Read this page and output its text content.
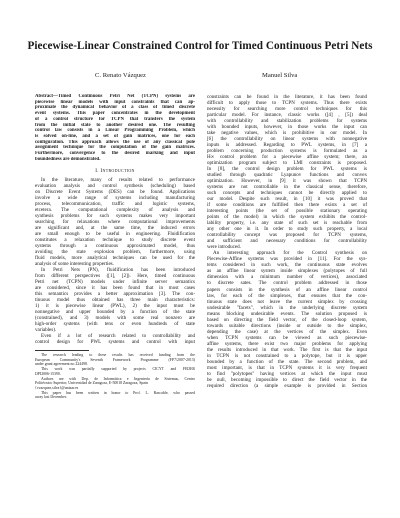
Piecewise-Linear Constrained Control for Timed Continuous Petri Nets
C. Renato Vázquez	Manuel Silva
Abstract—Timed Continuous Petri Net (TCPN) systems are
piecewise linear models with input constraints that can ap-
proximate the dynamical behavior of a class of timed discrete
event systems. This paper concentrates in the development
of a control structure for TCPN that transfers the system
from the initial state to another desired one. The resulting
control law consists in a Linear Programming Problem, which
is solved on-line, and a set of gain matrices, one for each
configuration. This approach allows the use of any classical pole
assignment technique for the computation of the gain matrices.
Furthermore, convergence to the desired marking and input
boundedness are demonstrated.
I. Introduction
In the literature, many of results related to performance
evaluation analysis and control synthesis (scheduling) based
on Discrete Event Systems (DES) can be found. Applications
involve a wide range of systems including manufacturing
process, telecommunication, traffic and logistic systems,
etcetera. The computational complexity of analysis and
synthesis problems for such systems makes very important
searching for relaxations where computational improvements
are significant and, at the same time, the induced errors
are small enough to be useful in engineering. Fluidification
constitutes a relaxation technique to study discrete event
systems through a continuous approximated model, thus
avoiding the state explosion problem, furthermore, using
fluid models, more analytical techniques can be used for the
analysis of some interesting properties.
In Petri Nets (PN), fluidification has been introduced
from different perspectives ([1], [2]). Here, timed continuous
Petri net (TCPN) models under infinite server semantics
are considered, since it has been found that in most cases
this semantics provides a better approximation [3]. The con-
tinuous model thus obtained has three main characteristics:
1) it is piecewise linear (PWL), 2) the input must be
nonnegative and upper bounded by a function of the state
(constrained), and 3) models with some real nonzero are
high-order systems (with tens or even hundreds of state
variables).
Even if a lot of research related to controllability and
control design for PWL systems and control with input
The research leading to these results has received funding from the
European Community's Seventh Framework Programme (FP7/2007-2013)
under grant agreement no 224498.
This work was partially supported by projects CICYT and FEDER
DPI2006-15390.
Authors are with Dep. de Informática e Ingeniería de Sistemas, Centro
Politécnico Superior, Universidad de Zaragoza, E-50018 Zaragoza, Spain
{cvazquez,silva}@unizar.es
This paper has been written in honor to Prof. L. Rascable, who passed
away last December.
constraints can be found in the literature, it has been found
difficult to apply those to TCPN systems. Thus there exists
necessity for searching more control techniques for this
particular model. For instance, classic works ([4] , [5]) deal
with controllability and stabilization problems for systems
with bounded inputs, however, in those works the input can
take negative values, which is prohibitive in our model. In
[6] the controllability on linear systems with nonnegative
inputs is addressed. Regarding to PWL systems, in [7] a
problem concerning production systems is formulated as a
H∞ control problem for a piecewise affine system; there, an
optimization program subject to LMI constraints is proposed.
In [8], the control design problem for PWL systems is
studied through quadratic Lyapunov functions and convex
optimization. However, in [9] it was shown that TCPN
systems are not controllable in the classical sense, therefore,
such concepts and techniques cannot be directly applied to
our model. Despite such result, in [10] it was proved that
if some conditions are fulfilled then there exists a set of
interesting points (the set of possible stationary operating
points of the model) in which the system exhibits the control-
lability property, i.e. any state of such set is reachable from
any other one in it. In order to study such property, a local
controllability concept was proposed for TCPN systems,
and sufficient and necessary conditions for controllability
were introduced.
An interesting approach for the Control synthesis on
Piecewise-Affine systems was provided in [11]. For the sys-
tems considered in such work, the continuous state evolves
as an affine linear system inside simplexes (polytopes of full
dimension with a minimum number of vertices), associated
to discrete sates. The control problem addressed in those
papers consists in the synthesis of an affine linear control
law, for each of the simplexes, that ensures that the con-
tinuous state does not leave the current simplex by crossing
undesirable "facets", which in the underlying discrete system
means blocking undesirable events. The solution proposed is
based on directing the field vector, of the closed-loop system,
towards suitable directions (inside or outside to the simplex,
depending the case) at the vertices of the simplex. Even
when TCPN systems can be viewed as such piecewise-
affine systems, there exist two major problems for applying
the results introduced in that work. The first is that the input
in TCPN is not constrained to a polytope, but it is upper
bounded by a function of the state. The second problem, and
most important, is that in TCPN systems it is very frequent
to find "polytopes" having vertices at which the input must
be null, becoming impossible to direct the field vector in the
required direction (a simple example is provided in Section
